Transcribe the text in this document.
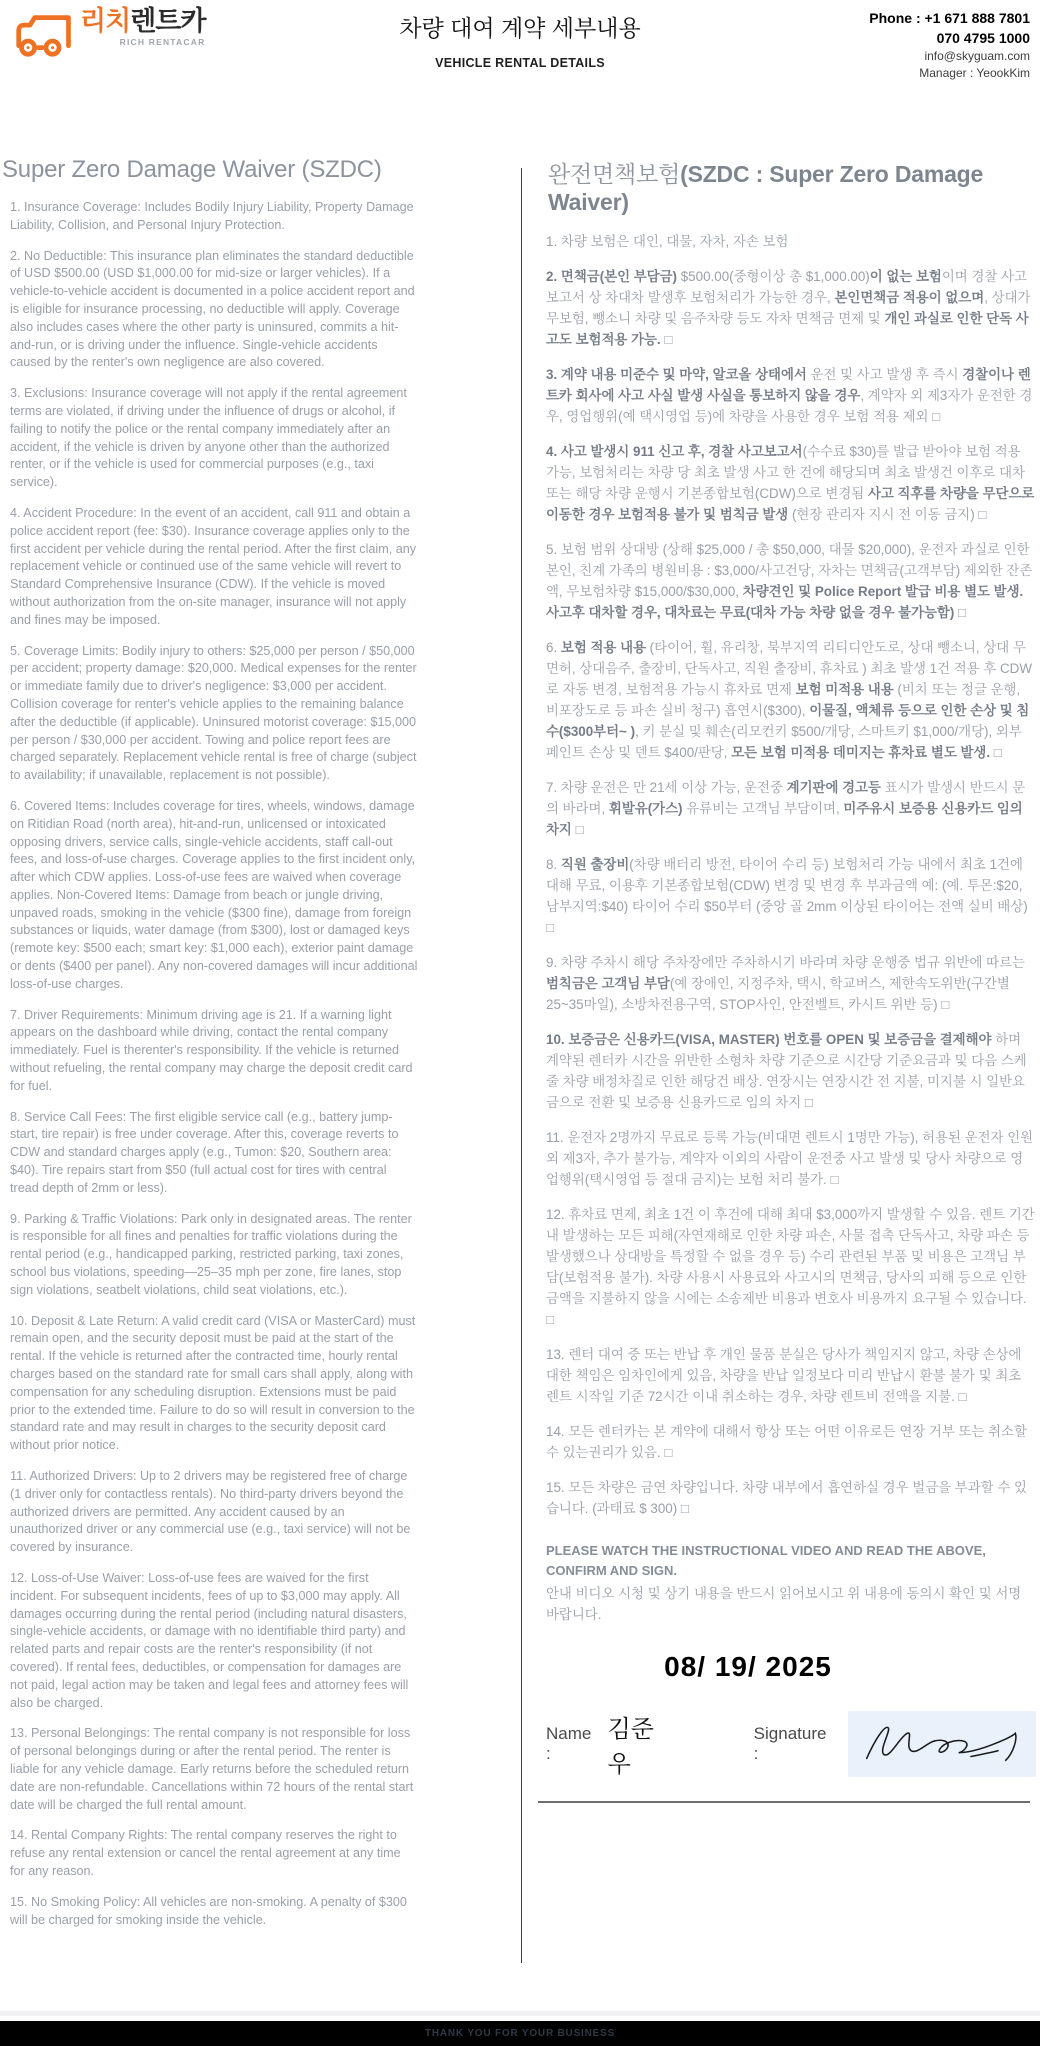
리치렌트카
RICH RENTACAR
차량 대여 계약 세부내용
VEHICLE RENTAL DETAILS
Phone : +1 671 888 7801
070 4795 1000
info@skyguam.com
Manager : YeookKim
Super Zero Damage Waiver (SZDC)

1. Insurance Coverage: Includes Bodily Injury Liability, Property Damage Liability, Collision, and Personal Injury Protection.

2. No Deductible: This insurance plan eliminates the standard deductible of USD $500.00 (USD $1,000.00 for mid-size or larger vehicles). If a vehicle-to-vehicle accident is documented in a police accident report and is eligible for insurance processing, no deductible will apply. Coverage also includes cases where the other party is uninsured, commits a hit-and-run, or is driving under the influence. Single-vehicle accidents caused by the renter's own negligence are also covered.

3. Exclusions: Insurance coverage will not apply if the rental agreement terms are violated, if driving under the influence of drugs or alcohol, if failing to notify the police or the rental company immediately after an accident, if the vehicle is driven by anyone other than the authorized renter, or if the vehicle is used for commercial purposes (e.g., taxi service).

4. Accident Procedure: In the event of an accident, call 911 and obtain a police accident report (fee: $30). Insurance coverage applies only to the first accident per vehicle during the rental period. After the first claim, any replacement vehicle or continued use of the same vehicle will revert to Standard Comprehensive Insurance (CDW). If the vehicle is moved without authorization from the on-site manager, insurance will not apply and fines may be imposed.

5. Coverage Limits: Bodily injury to others: $25,000 per person / $50,000 per accident; property damage: $20,000. Medical expenses for the renter or immediate family due to driver's negligence: $3,000 per accident. Collision coverage for renter's vehicle applies to the remaining balance after the deductible (if applicable). Uninsured motorist coverage: $15,000 per person / $30,000 per accident. Towing and police report fees are charged separately. Replacement vehicle rental is free of charge (subject to availability; if unavailable, replacement is not possible).

6. Covered Items: Includes coverage for tires, wheels, windows, damage on Ritidian Road (north area), hit-and-run, unlicensed or intoxicated opposing drivers, service calls, single-vehicle accidents, staff call-out fees, and loss-of-use charges. Coverage applies to the first incident only, after which CDW applies. Loss-of-use fees are waived when coverage applies. Non-Covered Items: Damage from beach or jungle driving, unpaved roads, smoking in the vehicle ($300 fine), damage from foreign substances or liquids, water damage (from $300), lost or damaged keys (remote key: $500 each; smart key: $1,000 each), exterior paint damage or dents ($400 per panel). Any non-covered damages will incur additional loss-of-use charges.

7. Driver Requirements: Minimum driving age is 21. If a warning light appears on the dashboard while driving, contact the rental company immediately. Fuel is therenter's responsibility. If the vehicle is returned without refueling, the rental company may charge the deposit credit card for fuel.

8. Service Call Fees: The first eligible service call (e.g., battery jump-start, tire repair) is free under coverage. After this, coverage reverts to CDW and standard charges apply (e.g., Tumon: $20, Southern area: $40). Tire repairs start from $50 (full actual cost for tires with central tread depth of 2mm or less).

9. Parking & Traffic Violations: Park only in designated areas. The renter is responsible for all fines and penalties for traffic violations during the rental period (e.g., handicapped parking, restricted parking, taxi zones, school bus violations, speeding—25–35 mph per zone, fire lanes, stop sign violations, seatbelt violations, child seat violations, etc.).

10. Deposit & Late Return: A valid credit card (VISA or MasterCard) must remain open, and the security deposit must be paid at the start of the rental. If the vehicle is returned after the contracted time, hourly rental charges based on the standard rate for small cars shall apply, along with compensation for any scheduling disruption. Extensions must be paid prior to the extended time. Failure to do so will result in conversion to the standard rate and may result in charges to the security deposit card without prior notice.

11. Authorized Drivers: Up to 2 drivers may be registered free of charge (1 driver only for contactless rentals). No third-party drivers beyond the authorized drivers are permitted. Any accident caused by an unauthorized driver or any commercial use (e.g., taxi service) will not be covered by insurance.

12. Loss-of-Use Waiver: Loss-of-use fees are waived for the first incident. For subsequent incidents, fees of up to $3,000 may apply. All damages occurring during the rental period (including natural disasters, single-vehicle accidents, or damage with no identifiable third party) and related parts and repair costs are the renter's responsibility (if not covered). If rental fees, deductibles, or compensation for damages are not paid, legal action may be taken and legal fees and attorney fees will also be charged.

13. Personal Belongings: The rental company is not responsible for loss of personal belongings during or after the rental period. The renter is liable for any vehicle damage. Early returns before the scheduled return date are non-refundable. Cancellations within 72 hours of the rental start date will be charged the full rental amount.

14. Rental Company Rights: The rental company reserves the right to refuse any rental extension or cancel the rental agreement at any time for any reason.

15. No Smoking Policy: All vehicles are non-smoking. A penalty of $300 will be charged for smoking inside the vehicle.

완전면책보험(SZDC : Super Zero Damage Waiver)

1. 차량 보험은 대인, 대물, 자차, 자손 보험

2. 면책금(본인 부담금) $500.00(중형이상 총 $1,000.00)이 없는 보험이며 경찰 사고보고서 상 차대차 발생후 보험처리가 가능한 경우, 본인면책금 적용이 없으며, 상대가 무보험, 뺑소니 차량 및 음주차량 등도 자차 면책금 면제 및 개인 과실로 인한 단독 사고도 보험적용 가능. □

3. 계약 내용 미준수 및 마약, 알코올 상태에서 운전 및 사고 발생 후 즉시 경찰이나 렌트카 회사에 사고 사실 발생 사실을 통보하지 않을 경우, 계약자 외 제3자가 운전한 경우, 영업행위(예 택시영업 등)에 차량을 사용한 경우 보험 적용 제외 □

4. 사고 발생시 911 신고 후, 경찰 사고보고서(수수료 $30)를 발급 받아야 보험 적용 가능, 보험처리는 차량 당 최초 발생 사고 한 건에 해당되며 최초 발생건 이후로 대차 또는 해당 차량 운행시 기본종합보험(CDW)으로 변경됨 사고 직후를 차량을 무단으로 이동한 경우 보험적용 불가 및 범칙금 발생 (현장 관리자 지시 전 이동 금지) □

5. 보험 범위 상대방 (상해 $25,000 / 총 $50,000, 대물 $20,000), 운전자 과실로 인한 본인, 친계 가족의 병원비용 : $3,000/사고건당, 자차는 면책금(고객부담) 제외한 잔존액, 무보험차량 $15,000/$30,000, 차량견인 및 Police Report 발급 비용 별도 발생. 사고후 대차할 경우, 대차료는 무료(대차 가능 차량 없을 경우 불가능함) □

6. 보험 적용 내용 (타이어, 휠, 유리창, 북부지역 리티디안도로, 상대 뺑소니, 상대 무면허, 상대음주, 출장비, 단독사고, 직원 출장비, 휴차료 ) 최초 발생 1건 적용 후 CDW로 자동 변경, 보험적용 가능시 휴차료 면제 보험 미적용 내용 (비치 또는 정글 운행, 비포장도로 등 파손 실비 청구) 흡연시($300), 이물질, 액체류 등으로 인한 손상 및 침수($300부터~ ), 키 분실 및 훼손(리모컨키 $500/개당, 스마트키 $1,000/개당), 외부 페인트 손상 및 덴트 $400/판당, 모든 보험 미적용 데미지는 휴차료 별도 발생. □

7. 차량 운전은 만 21세 이상 가능, 운전중 계기판에 경고등 표시가 발생시 반드시 문의 바라며, 휘발유(가스) 유류비는 고객님 부담이며, 미주유시 보증용 신용카드 임의 차지 □

8. 직원 출장비(차량 배터리 방전, 타이어 수리 등) 보험처리 가능 내에서 최초 1건에 대해 무료, 이용후 기본종합보험(CDW) 변경 및 변경 후 부과금액 예: (예. 투몬:$20, 남부지역:$40) 타이어 수리 $50부터 (중앙 골 2mm 이상된 타이어는 전액 실비 배상) □

9. 차량 주차시 해당 주차장에만 주차하시기 바라며 차량 운행중 법규 위반에 따르는 범칙금은 고객님 부담(예 장애인, 지정주차, 택시, 학교버스, 제한속도위반(구간별 25~35마일), 소방차전용구역, STOP사인, 안전벨트, 카시트 위반 등) □

10. 보증금은 신용카드(VISA, MASTER) 번호를 OPEN 및 보증금을 결제해야 하며 계약된 렌터카 시간을 위반한 소형차 차량 기준으로 시간당 기준요금과 및 다음 스케줄 차량 배정차질로 인한 해당건 배상. 연장시는 연장시간 전 지불, 미지불 시 일반요금으로 전환 및 보증용 신용카드로 임의 차지 □

11. 운전자 2명까지 무료로 등록 가능(비대면 렌트시 1명만 가능), 허용된 운전자 인원 외 제3자, 추가 불가능, 계약자 이외의 사람이 운전중 사고 발생 및 당사 차량으로 영업행위(택시영업 등 절대 금지)는 보험 처리 불가. □

12. 휴차료 면제, 최초 1건 이 후건에 대해 최대 $3,000까지 발생할 수 있음. 렌트 기간 내 발생하는 모든 피해(자연재해로 인한 차량 파손, 사물 접촉 단독사고, 차량 파손 등 발생했으나 상대방을 특정할 수 없을 경우 등) 수리 관련된 부품 및 비용은 고객님 부담(보험적용 불가). 차량 사용시 사용료와 사고시의 면책금, 당사의 피해 등으로 인한 금액을 지불하지 않을 시에는 소송제반 비용과 변호사 비용까지 요구될 수 있습니다. □

13. 렌터 대여 중 또는 반납 후 개인 물품 분실은 당사가 책임지지 않고, 차량 손상에 대한 책임은 임차인에게 있음, 차량을 반납 일정보다 미리 반납시 환불 불가 및 최초 렌트 시작일 기준 72시간 이내 취소하는 경우, 차량 렌트비 전액을 지불. □

14. 모든 렌터카는 본 계약에 대해서 항상 또는 어떤 이유로든 연장 거부 또는 취소할 수 있는권리가 있음. □

15. 모든 차량은 금연 차량입니다. 차량 내부에서 흡연하실 경우 벌금을 부과할 수 있습니다. (과태료 $ 300) □

PLEASE WATCH THE INSTRUCTIONAL VIDEO AND READ THE ABOVE,
CONFIRM AND SIGN.
안내 비디오 시청 및 상기 내용을 반드시 읽어보시고 위 내용에 동의시 확인 및 서명 바랍니다.
08/ 19/ 2025
Name :
김준우
Signature :
THANK YOU FOR YOUR BUSINESS
